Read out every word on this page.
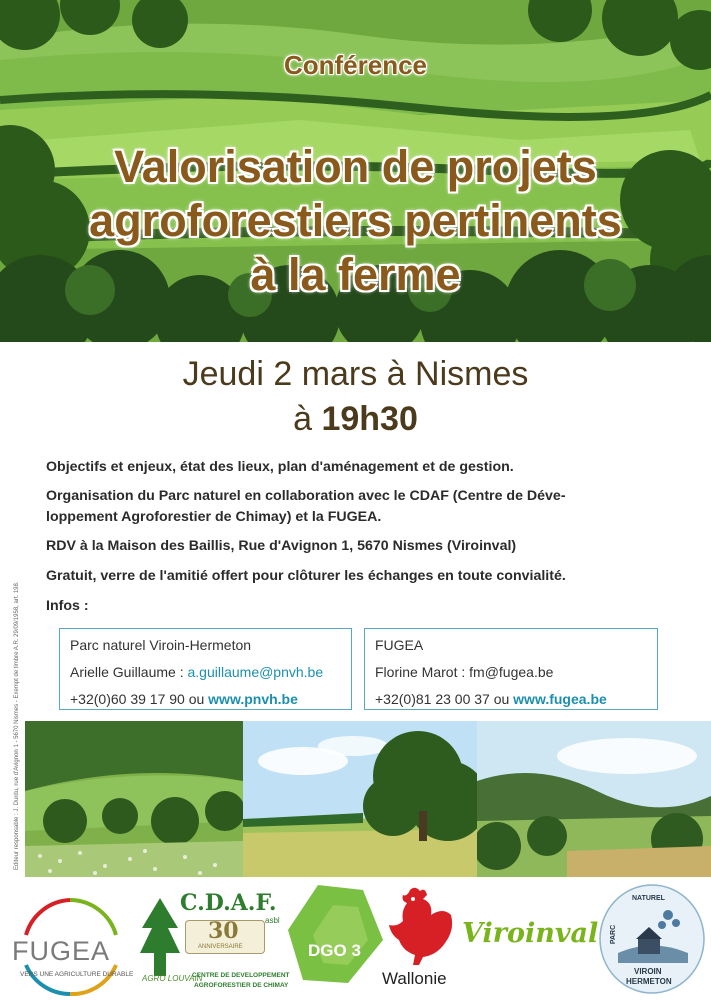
Conférence
Valorisation de projets
agroforestiers pertinents
à la ferme
Jeudi 2 mars à Nismes
à 19h30

Objectifs et enjeux, état des lieux, plan d'aménagement et de gestion.

Organisation du Parc naturel en collaboration avec le CDAF (Centre de Déve-
loppement Agroforestier de Chimay) et la FUGEA.

RDV à la Maison des Baillis, Rue d'Avignon 1, 5670 Nismes (Viroinval)

Gratuit, verre de l'amitié offert pour clôturer les échanges en toute convialité.

Infos :

Editeur responsable : J. Durdu, rue d'Avignon 1 - 5670 Nismes - Exempt de timbre A.R. 29/09/1958, art. 198.	Parc naturel Viroin-Hermeton
Arielle Guillaume : a.guillaume@pnvh.be
+32(0)60 39 17 90 ou www.pnvh.be
FUGEA
Florine Marot : fm@fugea.be
+32(0)81 23 00 37 ou www.fugea.be
FUGEA
VERS UNE AGRICULTURE DURABLE
C.D.A.F.
asbl
30
ANNIVERSAIRE
AGRO LOUVAIN
CENTRE DE DEVELOPPEMENT
AGROFORESTIER DE CHIMAY
DGO 3
Wallonie
Viroinval
NATUREL
PARC
VIROIN
HERMETON
